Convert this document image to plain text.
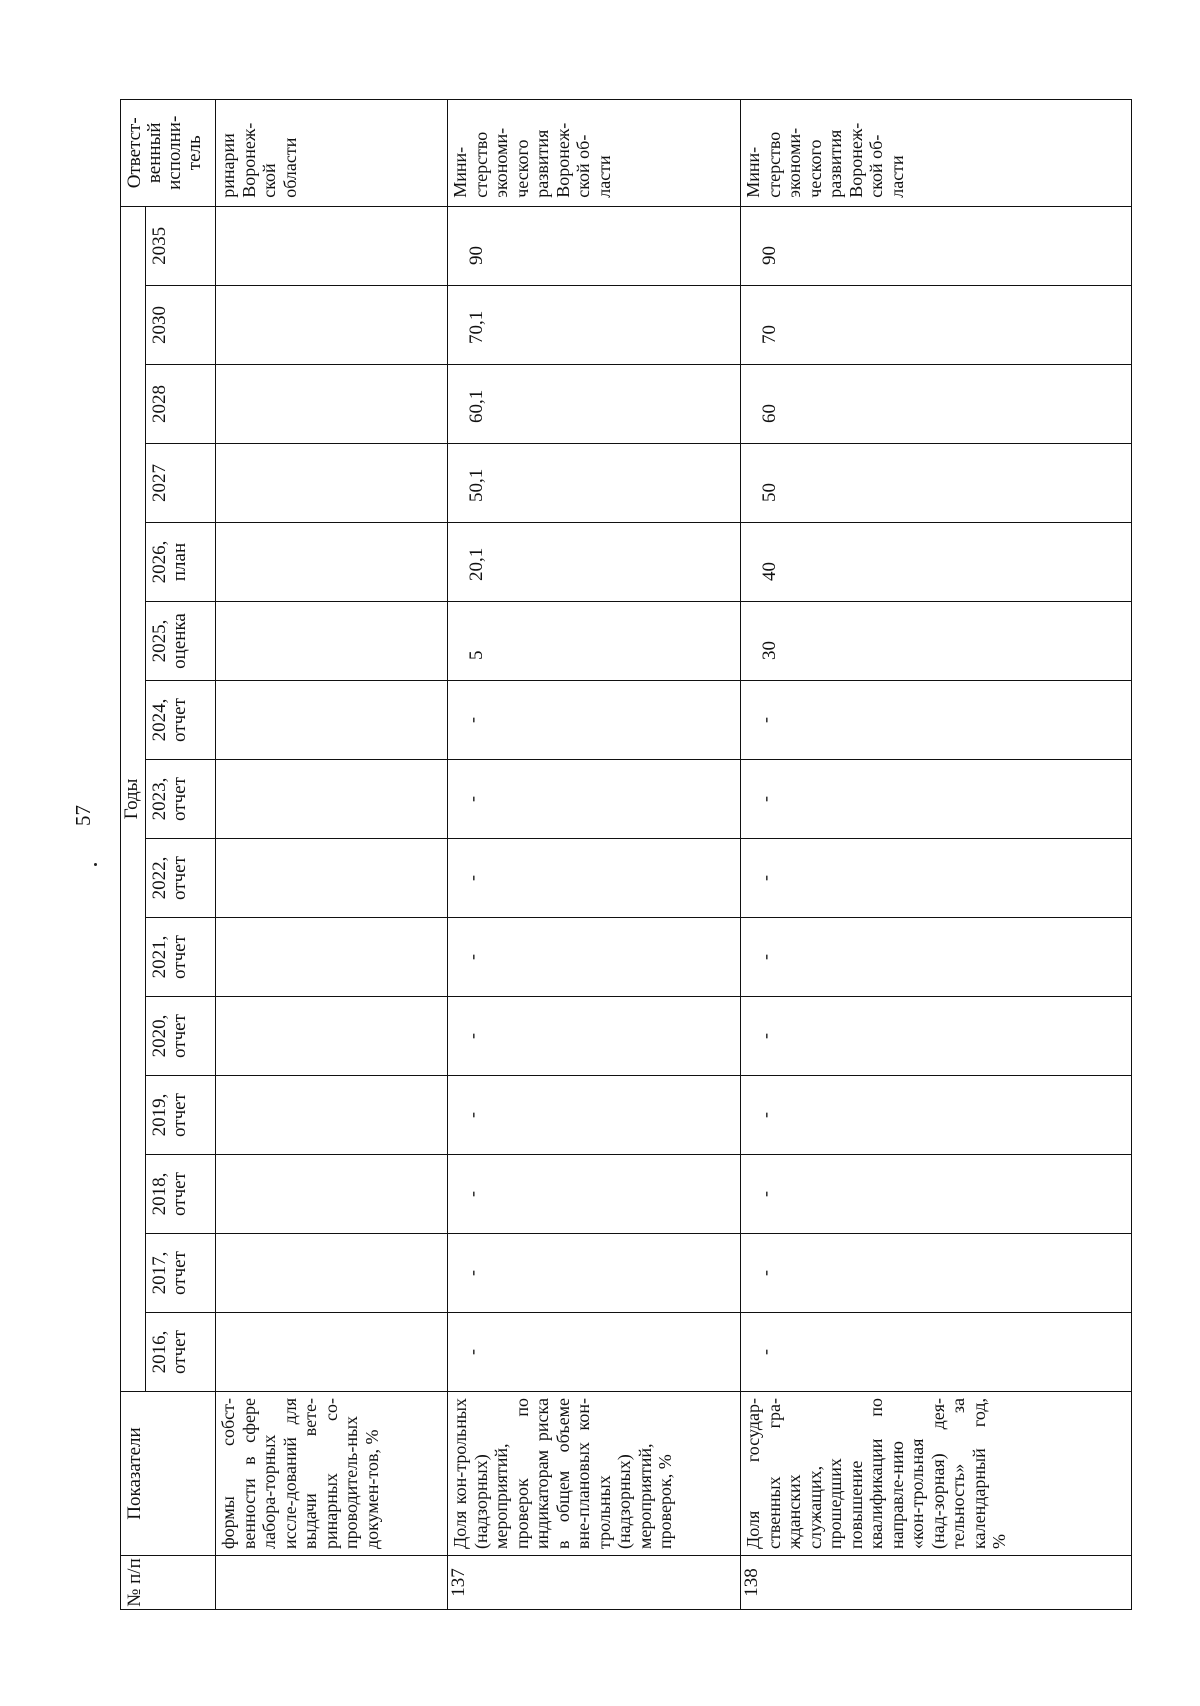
57
№ п/п	Показатели	Годы															Ответст-венный исполни-тель
		2016, отчет	2017, отчет	2018, отчет	2019, отчет	2020, отчет	2021, отчет	2022, отчет	2023, отчет	2024, отчет	2025, оценка	2026, план	2027	2028	2030	2035	
	формы собст-венности в сфере лабора-торных иссле-дований для выдачи вете-ринарных со-проводитель-ных докумен-тов, %																ринарии Воронеж-ской области
137	Доля кон-трольных (надзорных) мероприятий, проверок по индикаторам риска в общем объеме вне-плановых кон-трольных (надзорных) мероприятий, проверок, %	-	-	-	-	-	-	-	-	-	5	20,1	50,1	60,1	70,1	90	Мини-стерство экономи-ческого развития Воронеж-ской об-ласти
138	Доля государ-ственных гра-жданских служащих, прошедших повышение квалификации по направле-нию «кон-трольная (над-зорная) дея-тельность» за календарный год, %	-	-	-	-	-	-	-	-	-	30	40	50	60	70	90	Мини-стерство экономи-ческого развития Воронеж-ской об-ласти
